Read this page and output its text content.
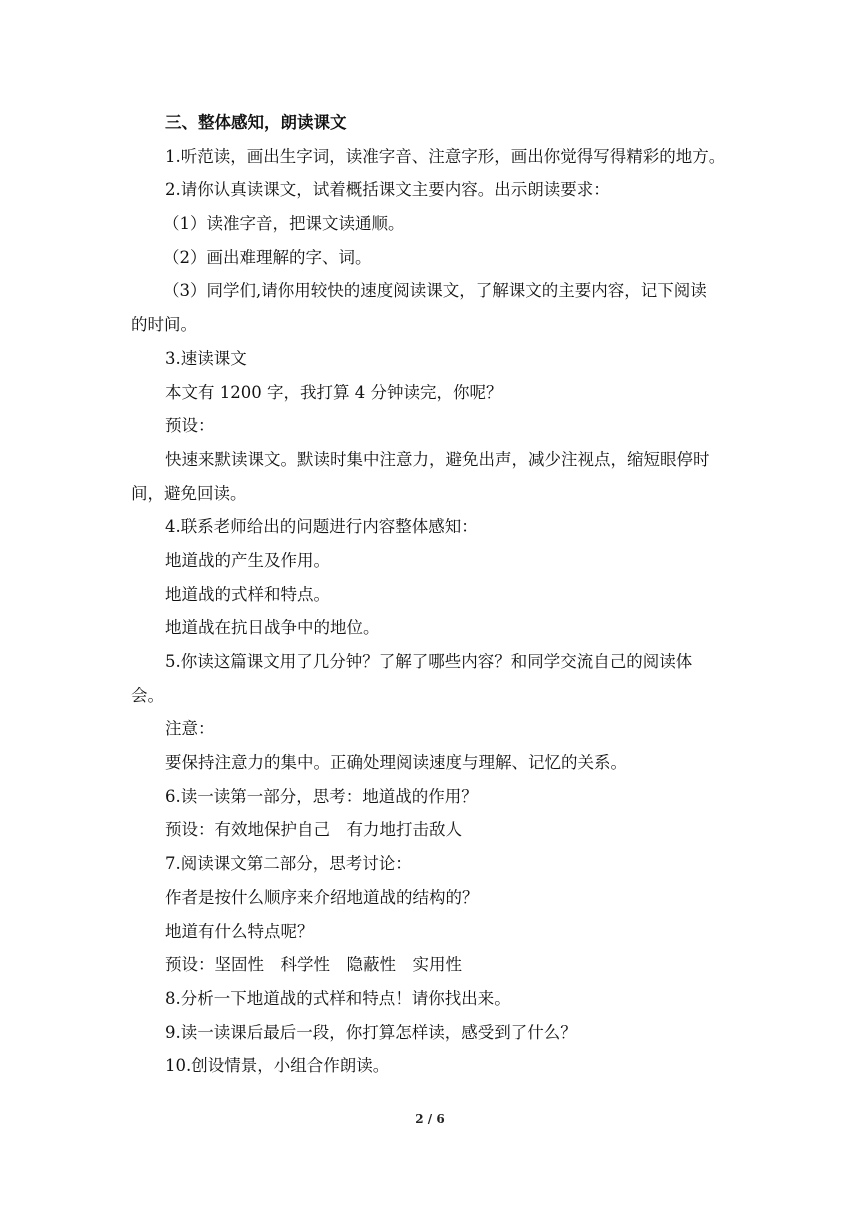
三、整体感知，朗读课文
1.听范读，画出生字词，读准字音、注意字形，画出你觉得写得精彩的地方。
2.请你认真读课文，试着概括课文主要内容。出示朗读要求：
（1）读准字音，把课文读通顺。
（2）画出难理解的字、词。
（3）同学们,请你用较快的速度阅读课文，了解课文的主要内容，记下阅读
的时间。
3.速读课文
本文有 1200 字，我打算 4 分钟读完，你呢？
预设：
快速来默读课文。默读时集中注意力，避免出声，减少注视点，缩短眼停时
间，避免回读。
4.联系老师给出的问题进行内容整体感知：
地道战的产生及作用。
地道战的式样和特点。
地道战在抗日战争中的地位。
5.你读这篇课文用了几分钟？了解了哪些内容？和同学交流自己的阅读体
会。
注意：
要保持注意力的集中。正确处理阅读速度与理解、记忆的关系。
6.读一读第一部分，思考：地道战的作用？
预设：有效地保护自己　有力地打击敌人
7.阅读课文第二部分，思考讨论：
作者是按什么顺序来介绍地道战的结构的？
地道有什么特点呢？
预设：坚固性　科学性　隐蔽性　实用性
8.分析一下地道战的式样和特点！请你找出来。
9.读一读课后最后一段，你打算怎样读，感受到了什么？
10.创设情景，小组合作朗读。
2 / 6
